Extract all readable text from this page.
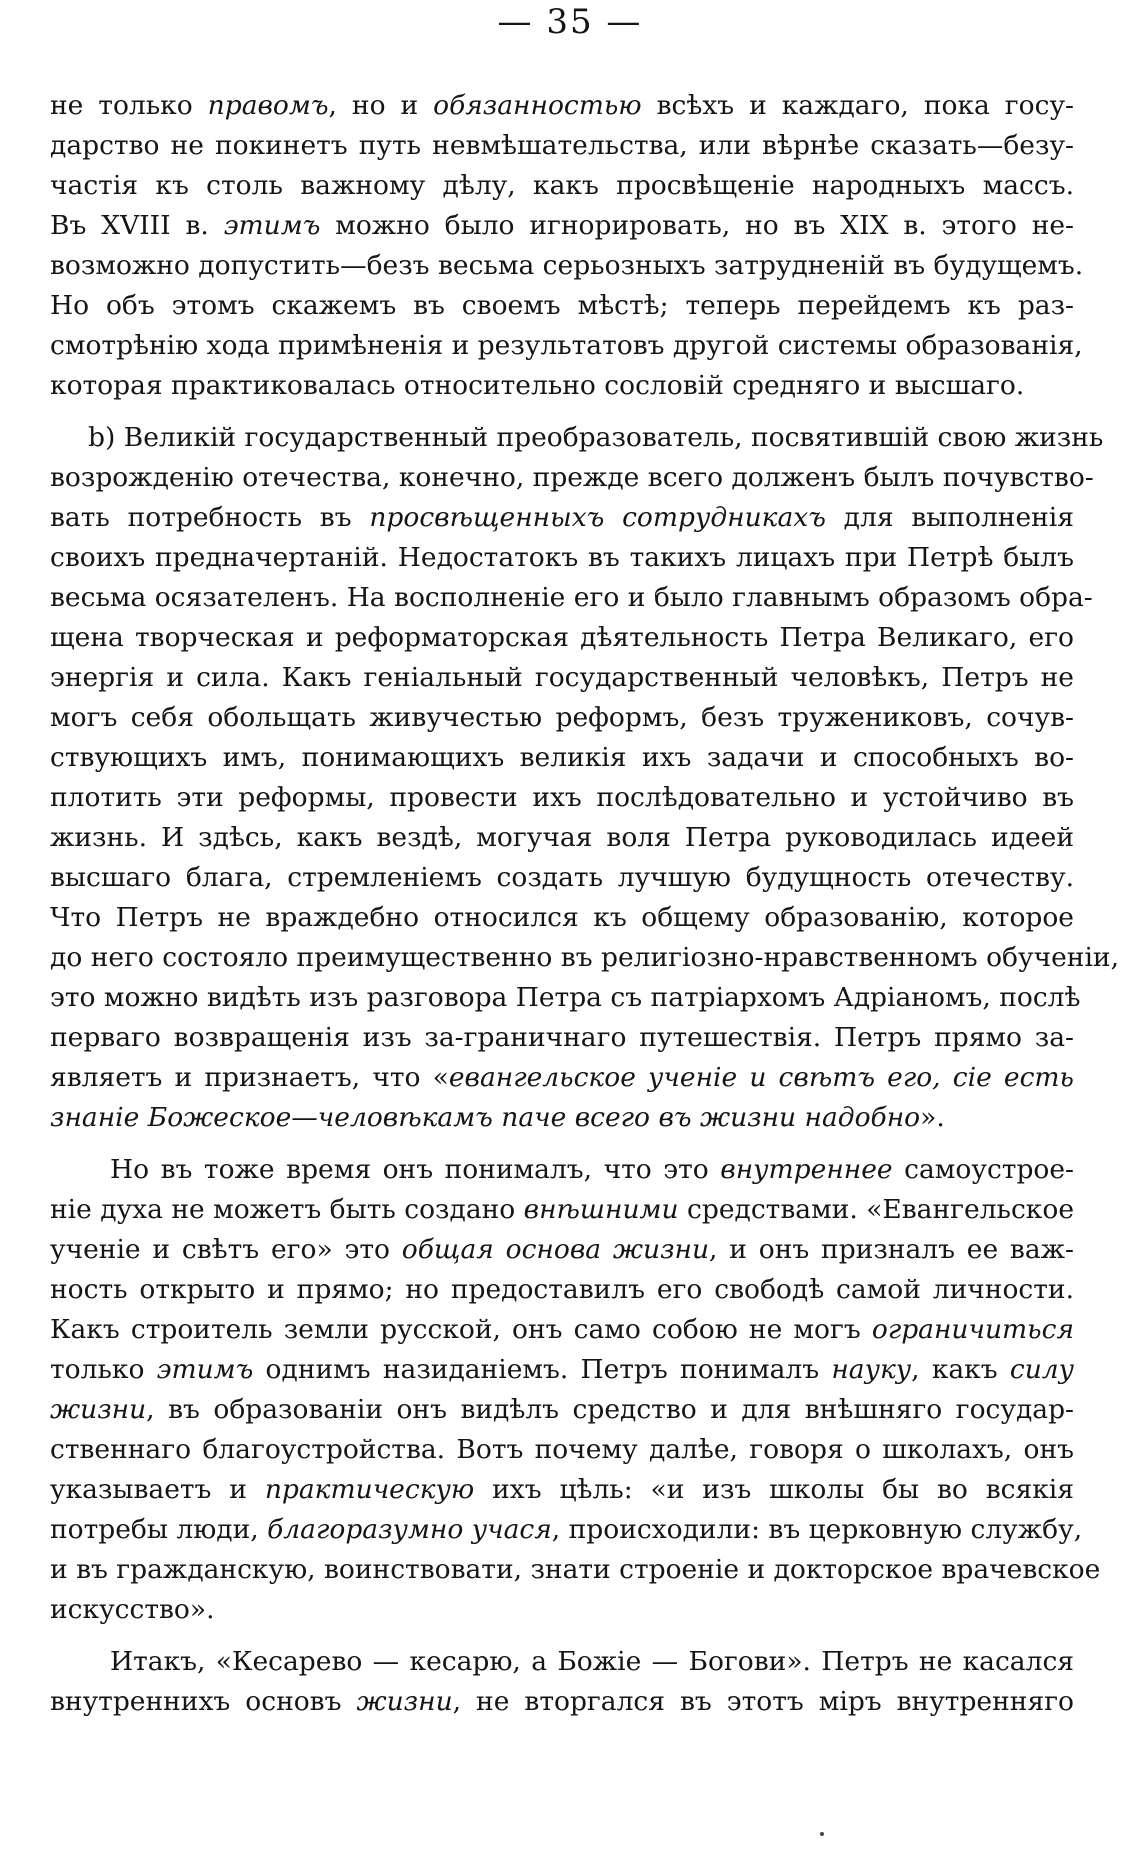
— 35 —
не только правомъ, но и обязанностью всѣхъ и каждаго, пока госу-
дарство не покинетъ путь невмѣшательства, или вѣрнѣе сказать—безу-
частія къ столь важному дѣлу, какъ просвѣщеніе народныхъ массъ.
Въ XVIII в. этимъ можно было игнорировать, но въ XIX в. этого не-
возможно допустить—безъ весьма серьозныхъ затрудненій въ будущемъ.
Но объ этомъ скажемъ въ своемъ мѣстѣ; теперь перейдемъ къ раз-
смотрѣнію хода примѣненія и результатовъ другой системы образованія,
которая практиковалась относительно сословій средняго и высшаго.
b) Великій государственный преобразователь, посвятившій свою жизнь
возрожденію отечества, конечно, прежде всего долженъ былъ почувство-
вать потребность въ просвѣщенныхъ сотрудникахъ для выполненія
своихъ предначертаній. Недостатокъ въ такихъ лицахъ при Петрѣ былъ
весьма осязателенъ. На восполненіе его и было главнымъ образомъ обра-
щена творческая и реформаторская дѣятельность Петра Великаго, его
энергія и сила. Какъ геніальный государственный человѣкъ, Петръ не
могъ себя обольщать живучестью реформъ, безъ тружениковъ, сочув-
ствующихъ имъ, понимающихъ великія ихъ задачи и способныхъ во-
плотить эти реформы, провести ихъ послѣдовательно и устойчиво въ
жизнь. И здѣсь, какъ вездѣ, могучая воля Петра руководилась идеей
высшаго блага, стремленіемъ создать лучшую будущность отечеству.
Что Петръ не враждебно относился къ общему образованію, которое
до него состояло преимущественно въ религіозно-нравственномъ обученіи,
это можно видѣть изъ разговора Петра съ патріархомъ Адріаномъ, послѣ
перваго возвращенія изъ за-граничнаго путешествія. Петръ прямо за-
являетъ и признаетъ, что «евангельское ученіе и свѣтъ его, сіе есть
знаніе Божеское—человѣкамъ паче всего въ жизни надобно».
Но въ тоже время онъ понималъ, что это внутреннее самоустрое-
ніе духа не можетъ быть создано внѣшними средствами. «Евангельское
ученіе и свѣтъ его» это общая основа жизни, и онъ призналъ ее важ-
ность открыто и прямо; но предоставилъ его свободѣ самой личности.
Какъ строитель земли русской, онъ само собою не могъ ограничиться
только этимъ однимъ назиданіемъ. Петръ понималъ науку, какъ силу
жизни, въ образованіи онъ видѣлъ средство и для внѣшняго государ-
ственнаго благоустройства. Вотъ почему далѣе, говоря о школахъ, онъ
указываетъ и практическую ихъ цѣль: «и изъ школы бы во всякія
потребы люди, благоразумно учася, происходили: въ церковную службу,
и въ гражданскую, воинствовати, знати строеніе и докторское врачевское
искусство».
Итакъ, «Кесарево — кесарю, а Божіе — Богови». Петръ не касался
внутреннихъ основъ жизни, не вторгался въ этотъ міръ внутренняго
